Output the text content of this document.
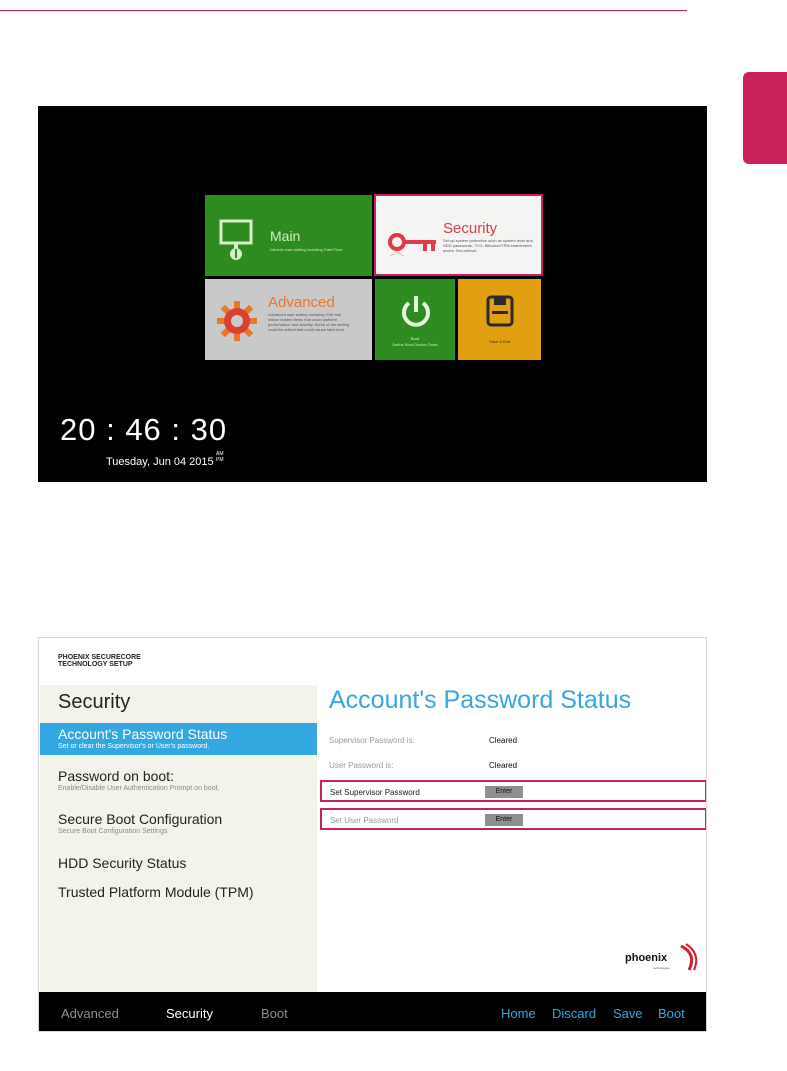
Main
Generic user setting including Date/Time.
Security
Set up system protection such as system level and HDD passwords, TCG, Bitlocker/TPM enablement and/or SecureBoot.
Advanced
Advanced user setting including H/W and silicon related items that could platform performance and stability. Some of the setting could be critical that could cause fatal error.
Boot
Define Boot Device Order
Save & Exit
20 : 46 : 30
Tuesday, Jun 04 2015
AM
PM
PHOENIX SECURECORE
TECHNOLOGY SETUP
Security
Account's Password Status
Set or clear the Supervisor's or User's password.
Password on boot:
Enable/Disable User Authentication Prompt on boot.
Secure Boot Configuration
Secure Boot Configuration Settings
HDD Security Status
Trusted Platform Module (TPM)
Account's Password Status
Supervisor Password is:	Cleared
User Password is:	Cleared
Set Supervisor Password	Enter
Set User Password	Enter
phoenix
technologies
Advanced	Security	Boot	Home Discard Save Boot
